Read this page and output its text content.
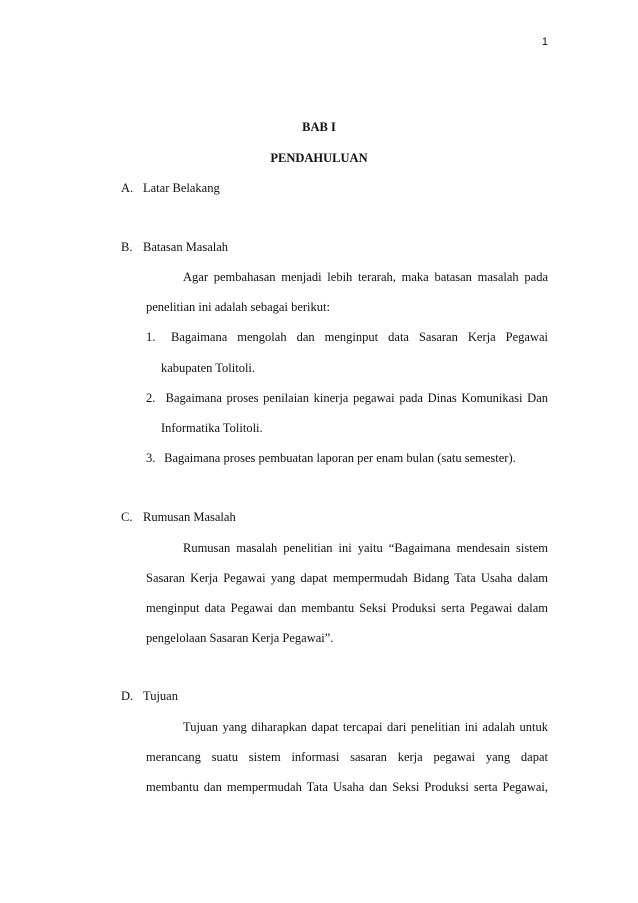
1
BAB I
PENDAHULUAN
A. Latar Belakang
B. Batasan Masalah
Agar pembahasan menjadi lebih terarah, maka batasan masalah pada
penelitian ini adalah sebagai berikut:
1. Bagaimana mengolah dan menginput data Sasaran Kerja Pegawai
kabupaten Tolitoli.
2. Bagaimana proses penilaian kinerja pegawai pada Dinas Komunikasi Dan
Informatika Tolitoli.
3. Bagaimana proses pembuatan laporan per enam bulan (satu semester).
C. Rumusan Masalah
Rumusan masalah penelitian ini yaitu “Bagaimana mendesain sistem
Sasaran Kerja Pegawai yang dapat mempermudah Bidang Tata Usaha dalam
menginput data Pegawai dan membantu Seksi Produksi serta Pegawai dalam
pengelolaan Sasaran Kerja Pegawai”.
D. Tujuan
Tujuan yang diharapkan dapat tercapai dari penelitian ini adalah untuk
merancang suatu sistem informasi sasaran kerja pegawai yang dapat
membantu dan mempermudah Tata Usaha dan Seksi Produksi serta Pegawai,
